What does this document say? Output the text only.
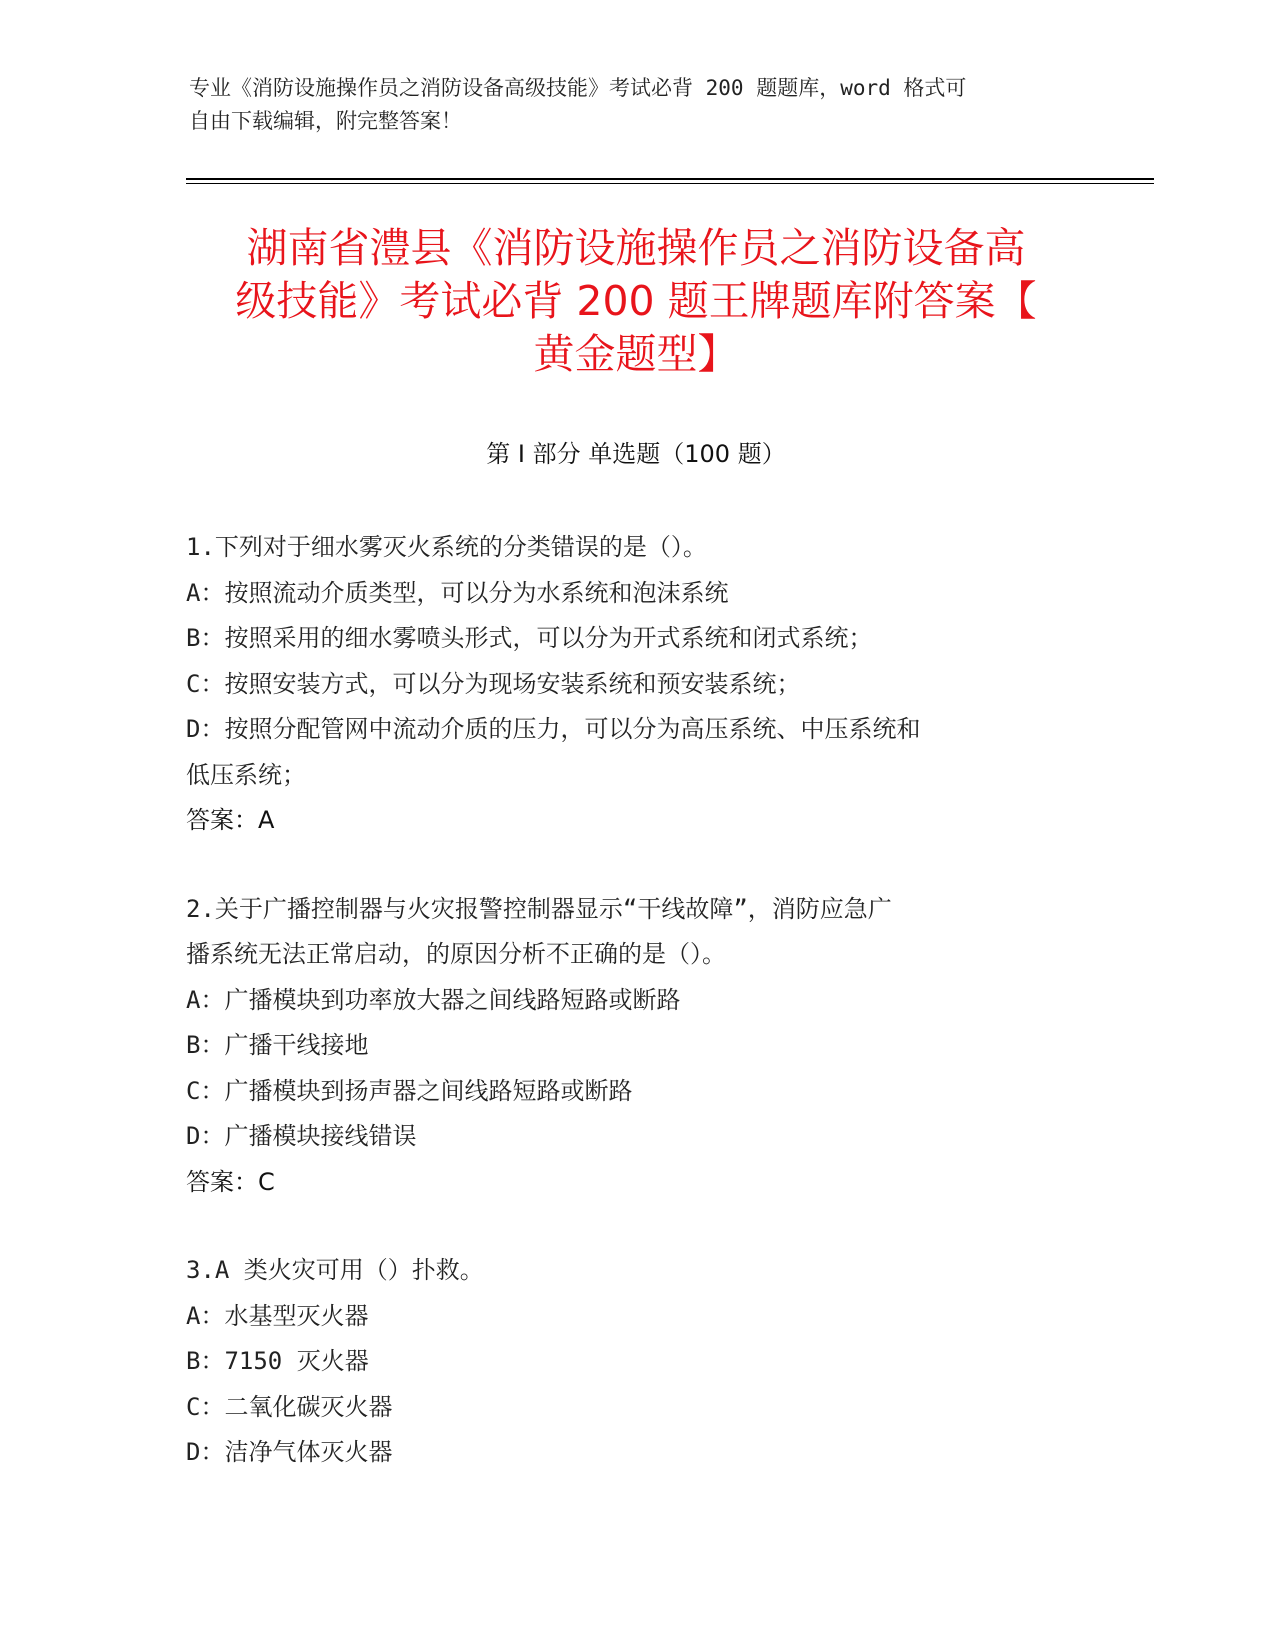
专业《消防设施操作员之消防设备高级技能》考试必背 200 题题库，word 格式可
自由下载编辑，附完整答案！
湖南省澧县《消防设施操作员之消防设备高
级技能》考试必背 200 题王牌题库附答案【
黄金题型】
第 I 部分 单选题（100 题）
1.下列对于细水雾灭火系统的分类错误的是（）。
A：按照流动介质类型，可以分为水系统和泡沫系统
B：按照采用的细水雾喷头形式，可以分为开式系统和闭式系统；
C：按照安装方式，可以分为现场安装系统和预安装系统；
D：按照分配管网中流动介质的压力，可以分为高压系统、中压系统和
低压系统；
答案：A
2.关于广播控制器与火灾报警控制器显示“干线故障”，消防应急广
播系统无法正常启动，的原因分析不正确的是（）。
A：广播模块到功率放大器之间线路短路或断路
B：广播干线接地
C：广播模块到扬声器之间线路短路或断路
D：广播模块接线错误
答案：C
3.A 类火灾可用（）扑救。
A：水基型灭火器
B：7150 灭火器
C：二氧化碳灭火器
D：洁净气体灭火器
